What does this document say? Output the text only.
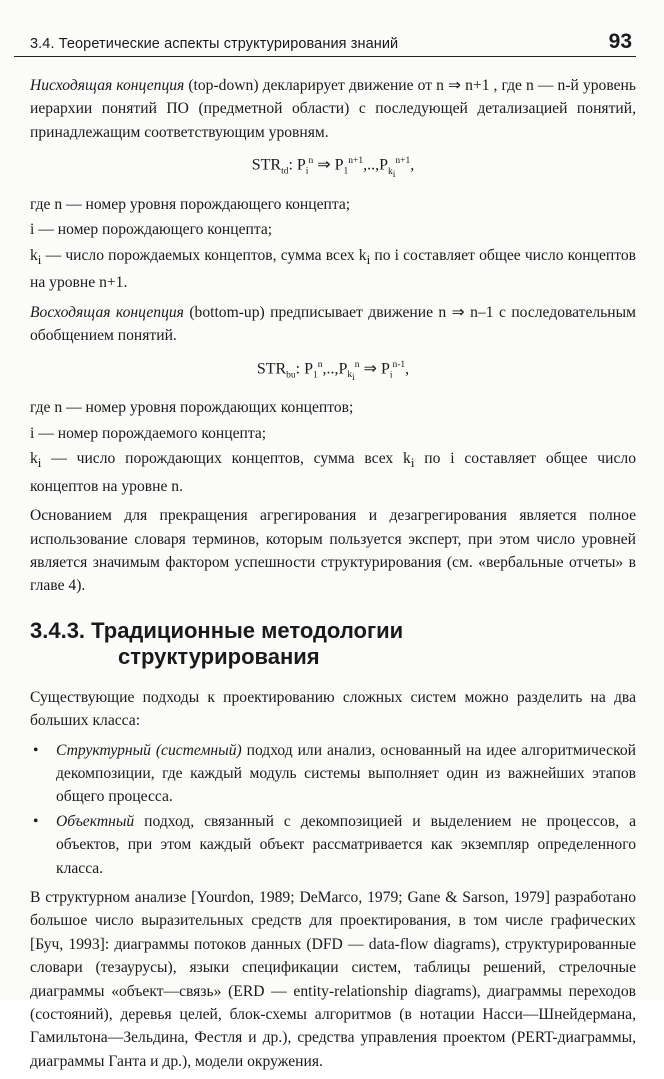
3.4. Теоретические аспекты структурирования знаний	93

Нисходящая концепция (top-down) декларирует движение от n ⇒ n+1 , где n — n-й уровень иерархии понятий ПО (предметной области) с последующей детализацией понятий, принадлежащим соответствующим уровням.

$STR_{td}$: $P_i^n$ ⇒ $P_1^{n+1},..,P_{k_i}^{n+1}$,

где n — номер уровня порождающего концепта;

i — номер порождающего концепта;

$k_i$ — число порождаемых концептов, сумма всех $k_i$ по i составляет общее число концептов на уровне n+1.

Восходящая концепция (bottom-up) предписывает движение n ⇒ n–1 с последовательным обобщением понятий.

$STR_{bu}$: $P_1^n,..,P_{k_i}^n$ ⇒ $P_i^{n-1}$,

где n — номер уровня порождающих концептов;

i — номер порождаемого концепта;

$k_i$ — число порождающих концептов, сумма всех $k_i$ по i составляет общее число концептов на уровне n.

Основанием для прекращения агрегирования и дезагрегирования является полное использование словаря терминов, которым пользуется эксперт, при этом число уровней является значимым фактором успешности структурирования (см. «вербальные отчеты» в главе 4).

3.4.3. Традиционные методологии
структурирования

Существующие подходы к проектированию сложных систем можно разделить на два больших класса:

• Структурный (системный) подход или анализ, основанный на идее алгоритмической декомпозиции, где каждый модуль системы выполняет один из важнейших этапов общего процесса.
• Объектный подход, связанный с декомпозицией и выделением не процессов, а объектов, при этом каждый объект рассматривается как экземпляр определенного класса.

В структурном анализе [Yourdon, 1989; DeMarco, 1979; Gane & Sarson, 1979] разработано большое число выразительных средств для проектирования, в том числе графических [Буч, 1993]: диаграммы потоков данных (DFD — data-flow diagrams), структурированные словари (тезаурусы), языки спецификации систем, таблицы решений, стрелочные диаграммы «объект—связь» (ERD — entity-relationship diagrams), диаграммы переходов (состояний), деревья целей, блок-схемы алгоритмов (в нотации Насси—Шнейдермана, Гамильтона—Зельдина, Фестля и др.), средства управления проектом (PERT-диаграммы, диаграммы Ганта и др.), модели окружения.
